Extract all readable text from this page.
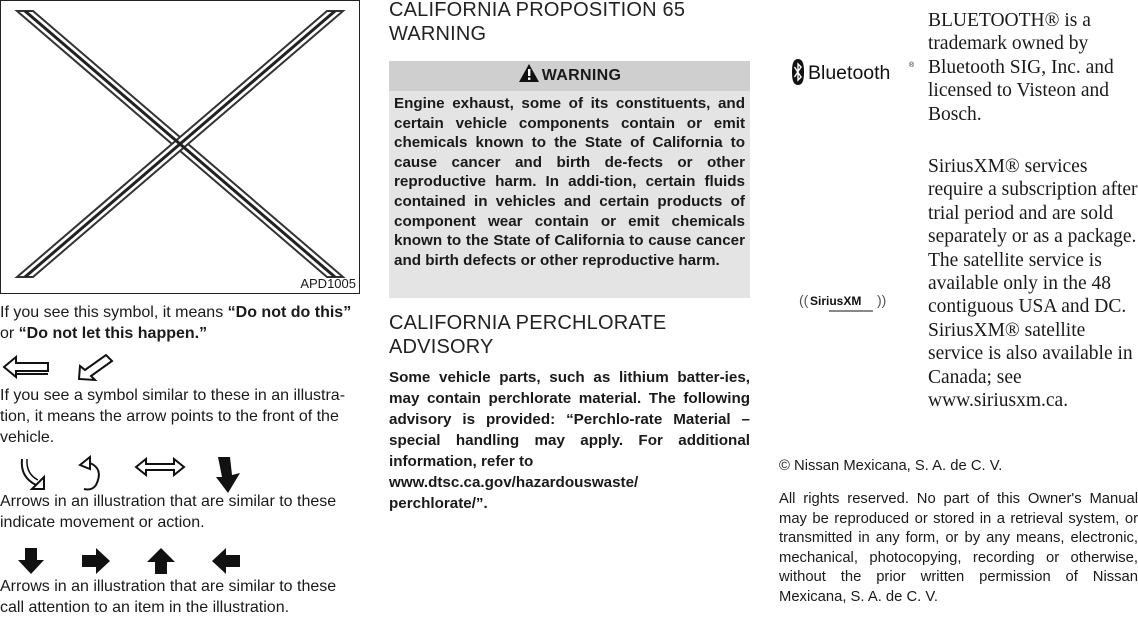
APD1005
If you see this symbol, it means “Do not do this” or “Do not let this happen.”
If you see a symbol similar to these in an illustra-tion, it means the arrow points to the front of the vehicle.
Arrows in an illustration that are similar to these indicate movement or action.
Arrows in an illustration that are similar to these call attention to an item in the illustration.
CALIFORNIA PROPOSITION 65
WARNING
WARNING
Engine exhaust, some of its constituents, and certain vehicle components contain or emit chemicals known to the State of California to cause cancer and birth de-fects or other reproductive harm. In addi-tion, certain fluids contained in vehicles and certain products of component wear contain or emit chemicals known to the State of California to cause cancer and birth defects or other reproductive harm.
CALIFORNIA PERCHLORATE
ADVISORY
Some vehicle parts, such as lithium batter-ies, may contain perchlorate material. The following advisory is provided: “Perchlo-rate Material – special handling may apply. For additional information, refer to
www.dtsc.ca.gov/hazardouswaste/
perchlorate/”.
Bluetooth	®
BLUETOOTH® is a trademark owned by Bluetooth SIG, Inc. and licensed to Visteon and Bosch.
(( SiriusXM ))
SiriusXM® services require a subscription after trial period and are sold separately or as a package. The satellite service is available only in the 48 contiguous USA and DC. SiriusXM® satellite service is also available in Canada; see www.siriusxm.ca.
© Nissan Mexicana, S. A. de C. V.
All rights reserved. No part of this Owner's Manual may be reproduced or stored in a retrieval system, or transmitted in any form, or by any means, electronic, mechanical, photocopying, recording or otherwise, without the prior written permission of Nissan Mexicana, S. A. de C. V.
